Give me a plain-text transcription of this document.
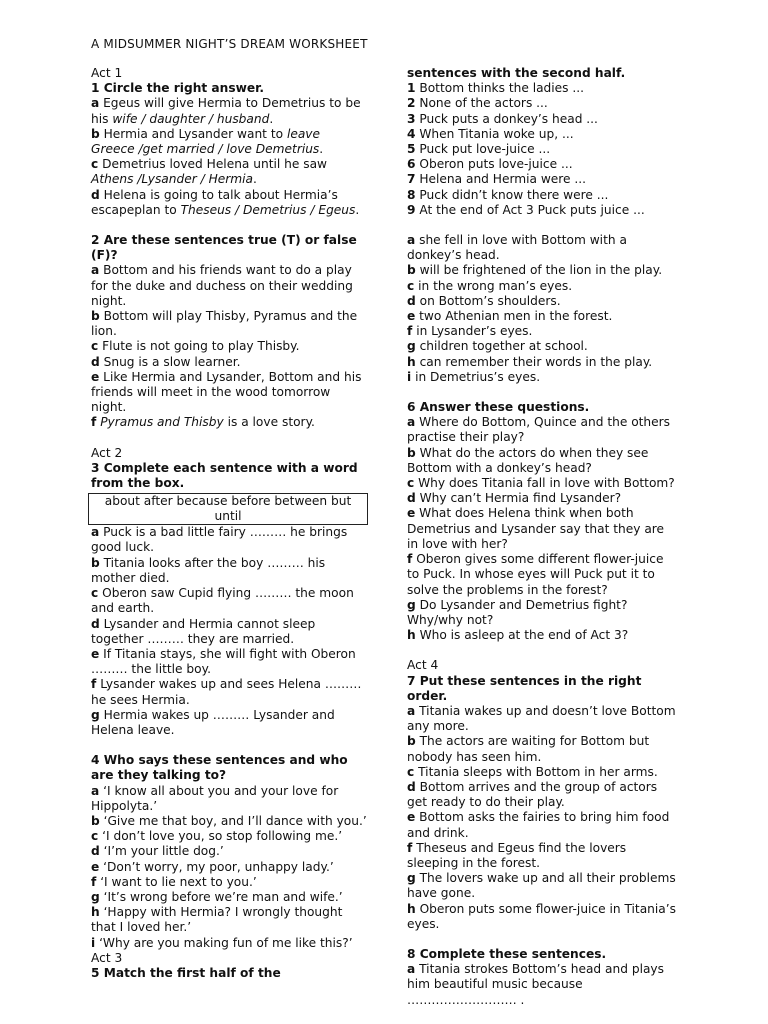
A MIDSUMMER NIGHT’S DREAM WORKSHEET
Act 1
1 Circle the right answer.
a Egeus will give Hermia to Demetrius to be his wife / daughter / husband.
b Hermia and Lysander want to leave Greece /get married / love Demetrius.
c Demetrius loved Helena until he saw Athens /Lysander / Hermia.
d Helena is going to talk about Hermia’s escapeplan to Theseus / Demetrius / Egeus.
2 Are these sentences true (T) or false (F)?
a Bottom and his friends want to do a play for the duke and duchess on their wedding
night.
b Bottom will play Thisby, Pyramus and the lion.
c Flute is not going to play Thisby.
d Snug is a slow learner.
e Like Hermia and Lysander, Bottom and his friends will meet in the wood tomorrow night.
f Pyramus and Thisby is a love story.
Act 2
3 Complete each sentence with a word from the box.
about after because before between but until
a Puck is a bad little fairy ……… he brings good luck.
b Titania looks after the boy ……… his mother died.
c Oberon saw Cupid flying ……… the moon and earth.
d Lysander and Hermia cannot sleep together ……… they are married.
e If Titania stays, she will fight with Oberon ……… the little boy.
f Lysander wakes up and sees Helena ………he sees Hermia.
g Hermia wakes up ……… Lysander and Helena leave.
4 Who says these sentences and who are they talking to?
a ‘I know all about you and your love for Hippolyta.’
b ‘Give me that boy, and I’ll dance with you.’
c ‘I don’t love you, so stop following me.’
d ‘I’m your little dog.’
e ‘Don’t worry, my poor, unhappy lady.’
f ‘I want to lie next to you.’
g ‘It’s wrong before we’re man and wife.’
h ‘Happy with Hermia? I wrongly thought that I loved her.’
i ‘Why are you making fun of me like this?’
Act 3
5 Match the first half of the
sentences with the second half.
1 Bottom thinks the ladies ...
2 None of the actors ...
3 Puck puts a donkey’s head ...
4 When Titania woke up, ...
5 Puck put love-juice ...
6 Oberon puts love-juice ...
7 Helena and Hermia were ...
8 Puck didn’t know there were ...
9 At the end of Act 3 Puck puts juice ...
a she fell in love with Bottom with a donkey’s head.
b will be frightened of the lion in the play.
c in the wrong man’s eyes.
d on Bottom’s shoulders.
e two Athenian men in the forest.
f in Lysander’s eyes.
g children together at school.
h can remember their words in the play.
i in Demetrius’s eyes.
6 Answer these questions.
a Where do Bottom, Quince and the others practise their play?
b What do the actors do when they see Bottom with a donkey’s head?
c Why does Titania fall in love with Bottom?
d Why can’t Hermia find Lysander?
e What does Helena think when both Demetrius and Lysander say that they are in love with her?
f Oberon gives some different flower-juice to Puck. In whose eyes will Puck put it to solve the problems in the forest?
g Do Lysander and Demetrius fight? Why/why not?
h Who is asleep at the end of Act 3?
Act 4
7 Put these sentences in the right order.
a Titania wakes up and doesn’t love Bottom any more.
b The actors are waiting for Bottom but nobody has seen him.
c Titania sleeps with Bottom in her arms.
d Bottom arrives and the group of actors get ready to do their play.
e Bottom asks the fairies to bring him food and drink.
f Theseus and Egeus find the lovers sleeping in the forest.
g The lovers wake up and all their problems have gone.
h Oberon puts some flower-juice in Titania’s eyes.
8 Complete these sentences.
a Titania strokes Bottom’s head and plays him beautiful music because
……………………… .
